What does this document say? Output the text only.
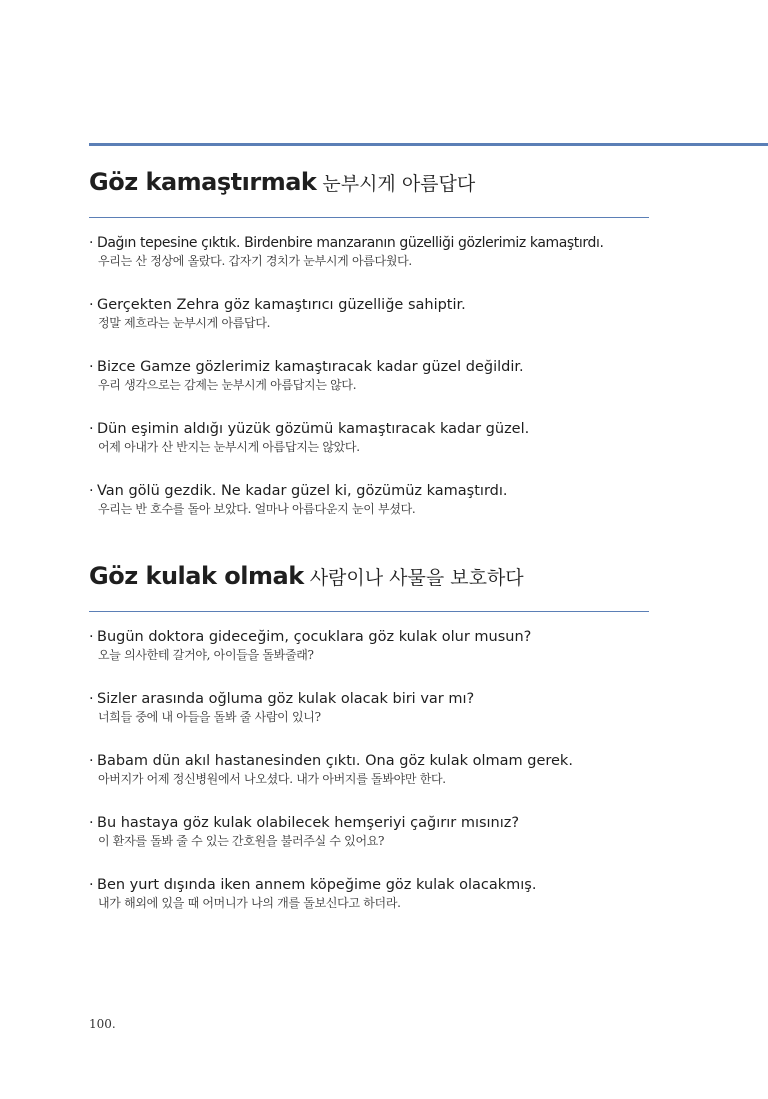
Göz kamaştırmak 눈부시게 아름답다
· Dağın tepesine çıktık. Birdenbire manzaranın güzelliği gözlerimiz kamaştırdı.
우리는 산 정상에 올랐다. 갑자기 경치가 눈부시게 아름다웠다.
· Gerçekten Zehra göz kamaştırıcı güzelliğe sahiptir.
정말 제흐라는 눈부시게 아름답다.
· Bizce Gamze gözlerimiz kamaştıracak kadar güzel değildir.
우리 생각으로는 감제는 눈부시게 아름답지는 않다.
· Dün eşimin aldığı yüzük gözümü kamaştıracak kadar güzel.
어제 아내가 산 반지는 눈부시게 아름답지는 않았다.
· Van gölü gezdik. Ne kadar güzel ki, gözümüz kamaştırdı.
우리는 반 호수를 돌아 보았다. 얼마나 아름다운지 눈이 부셨다.
Göz kulak olmak 사람이나 사물을 보호하다
· Bugün doktora gideceğim, çocuklara göz kulak olur musun?
오늘 의사한테 갈거야, 아이들을 돌봐줄래?
· Sizler arasında oğluma göz kulak olacak biri var mı?
너희들 중에 내 아들을 돌봐 줄 사람이 있니?
· Babam dün akıl hastanesinden çıktı. Ona göz kulak olmam gerek.
아버지가 어제 정신병원에서 나오셨다. 내가 아버지를 돌봐야만 한다.
· Bu hastaya göz kulak olabilecek hemşeriyi çağırır mısınız?
이 환자를 돌봐 줄 수 있는 간호원을 불러주실 수 있어요?
· Ben yurt dışında iken annem köpeğime göz kulak olacakmış.
내가 해외에 있을 때 어머니가 나의 개를 돌보신다고 하더라.
100.
